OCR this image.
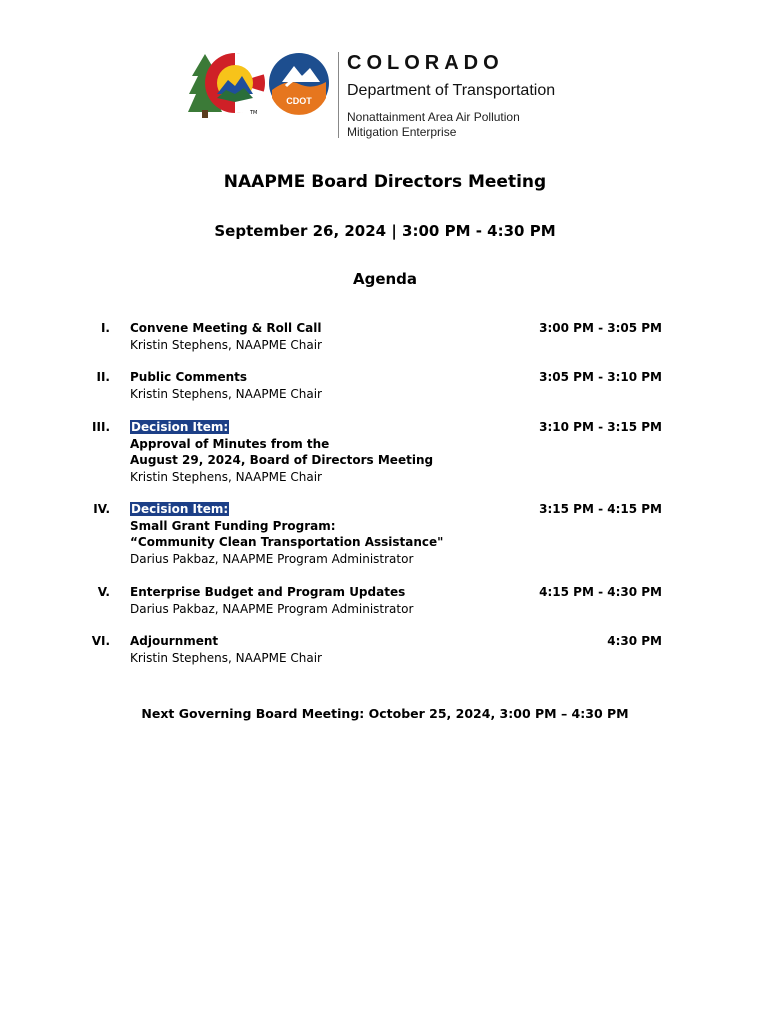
TM
CDOT
COLORADO
Department of Transportation
Nonattainment Area Air Pollution Mitigation Enterprise
NAAPME Board Directors Meeting
September 26, 2024 | 3:00 PM - 4:30 PM
Agenda
I. Convene Meeting & Roll Call
Kristin Stephens, NAAPME Chair
3:00 PM - 3:05 PM
II. Public Comments
Kristin Stephens, NAAPME Chair
3:05 PM - 3:10 PM
III. Decision Item:
Approval of Minutes from the
August 29, 2024, Board of Directors Meeting
Kristin Stephens, NAAPME Chair
3:10 PM - 3:15 PM
IV. Decision Item:
Small Grant Funding Program:
“Community Clean Transportation Assistance"
Darius Pakbaz, NAAPME Program Administrator
3:15 PM - 4:15 PM
V. Enterprise Budget and Program Updates
Darius Pakbaz, NAAPME Program Administrator
4:15 PM - 4:30 PM
VI. Adjournment
Kristin Stephens, NAAPME Chair
4:30 PM
Next Governing Board Meeting: October 25, 2024, 3:00 PM – 4:30 PM
